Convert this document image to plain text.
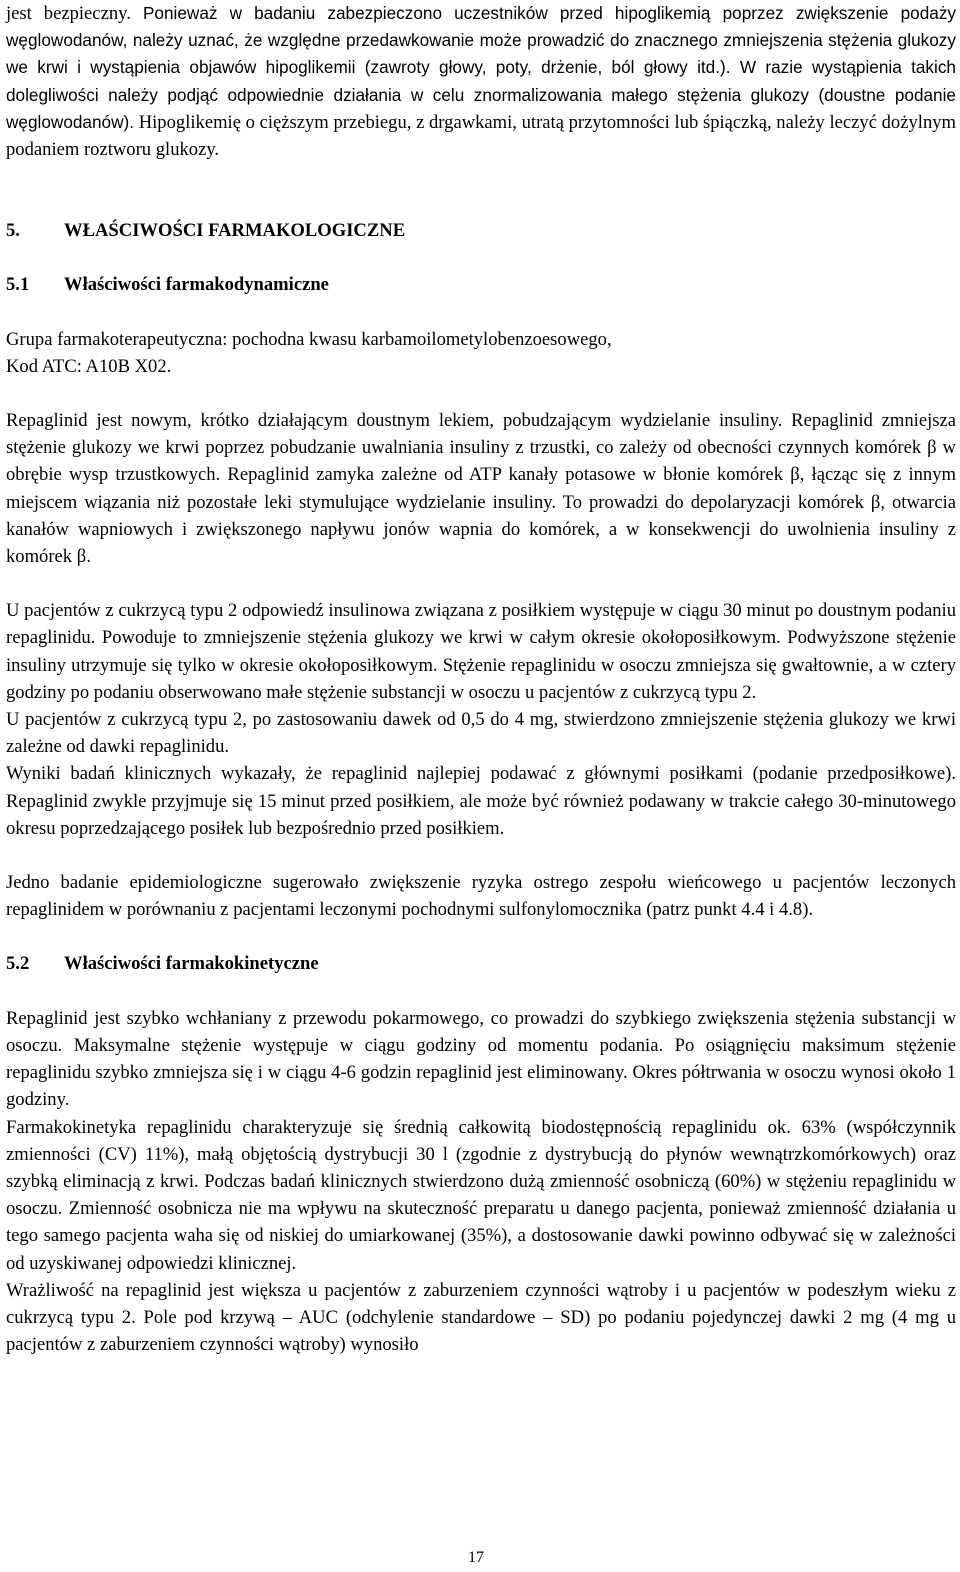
jest bezpieczny. Ponieważ w badaniu zabezpieczono uczestników przed hipoglikemią poprzez zwiększenie podaży węglowodanów, należy uznać, że względne przedawkowanie może prowadzić do znacznego zmniejszenia stężenia glukozy we krwi i wystąpienia objawów hipoglikemii (zawroty głowy, poty, drżenie, ból głowy itd.). W razie wystąpienia takich dolegliwości należy podjąć odpowiednie działania w celu znormalizowania małego stężenia glukozy (doustne podanie węglowodanów). Hipoglikemię o cięższym przebiegu, z drgawkami, utratą przytomności lub śpiączką, należy leczyć dożylnym podaniem roztworu glukozy.

5. WŁAŚCIWOŚCI FARMAKOLOGICZNE

5.1 Właściwości farmakodynamiczne

Grupa farmakoterapeutyczna: pochodna kwasu karbamoilometylobenzoesowego,
Kod ATC: A10B X02.

Repaglinid jest nowym, krótko działającym doustnym lekiem, pobudzającym wydzielanie insuliny. Repaglinid zmniejsza stężenie glukozy we krwi poprzez pobudzanie uwalniania insuliny z trzustki, co zależy od obecności czynnych komórek β w obrębie wysp trzustkowych. Repaglinid zamyka zależne od ATP kanały potasowe w błonie komórek β, łącząc się z innym miejscem wiązania niż pozostałe leki stymulujące wydzielanie insuliny. To prowadzi do depolaryzacji komórek β, otwarcia kanałów wapniowych i zwiększonego napływu jonów wapnia do komórek, a w konsekwencji do uwolnienia insuliny z komórek β.

U pacjentów z cukrzycą typu 2 odpowiedź insulinowa związana z posiłkiem występuje w ciągu 30 minut po doustnym podaniu repaglinidu. Powoduje to zmniejszenie stężenia glukozy we krwi w całym okresie okołoposiłkowym. Podwyższone stężenie insuliny utrzymuje się tylko w okresie okołoposiłkowym. Stężenie repaglinidu w osoczu zmniejsza się gwałtownie, a w cztery godziny po podaniu obserwowano małe stężenie substancji w osoczu u pacjentów z cukrzycą typu 2.

U pacjentów z cukrzycą typu 2, po zastosowaniu dawek od 0,5 do 4 mg, stwierdzono zmniejszenie stężenia glukozy we krwi zależne od dawki repaglinidu.

Wyniki badań klinicznych wykazały, że repaglinid najlepiej podawać z głównymi posiłkami (podanie przedposiłkowe). Repaglinid zwykle przyjmuje się 15 minut przed posiłkiem, ale może być również podawany w trakcie całego 30-minutowego okresu poprzedzającego posiłek lub bezpośrednio przed posiłkiem.

Jedno badanie epidemiologiczne sugerowało zwiększenie ryzyka ostrego zespołu wieńcowego u pacjentów leczonych repaglinidem w porównaniu z pacjentami leczonymi pochodnymi sulfonylomocznika (patrz punkt 4.4 i 4.8).

5.2 Właściwości farmakokinetyczne

Repaglinid jest szybko wchłaniany z przewodu pokarmowego, co prowadzi do szybkiego zwiększenia stężenia substancji w osoczu. Maksymalne stężenie występuje w ciągu godziny od momentu podania. Po osiągnięciu maksimum stężenie repaglinidu szybko zmniejsza się i w ciągu 4-6 godzin repaglinid jest eliminowany. Okres półtrwania w osoczu wynosi około 1 godziny.

Farmakokinetyka repaglinidu charakteryzuje się średnią całkowitą biodostępnością repaglinidu ok. 63% (współczynnik zmienności (CV) 11%), małą objętością dystrybucji 30 l (zgodnie z dystrybucją do płynów wewnątrzkomórkowych) oraz szybką eliminacją z krwi. Podczas badań klinicznych stwierdzono dużą zmienność osobniczą (60%) w stężeniu repaglinidu w osoczu. Zmienność osobnicza nie ma wpływu na skuteczność preparatu u danego pacjenta, ponieważ zmienność działania u tego samego pacjenta waha się od niskiej do umiarkowanej (35%), a dostosowanie dawki powinno odbywać się w zależności od uzyskiwanej odpowiedzi klinicznej.

Wrażliwość na repaglinid jest większa u pacjentów z zaburzeniem czynności wątroby i u pacjentów w podeszłym wieku z cukrzycą typu 2. Pole pod krzywą – AUC (odchylenie standardowe – SD) po podaniu pojedynczej dawki 2 mg (4 mg u pacjentów z zaburzeniem czynności wątroby) wynosiło

17
